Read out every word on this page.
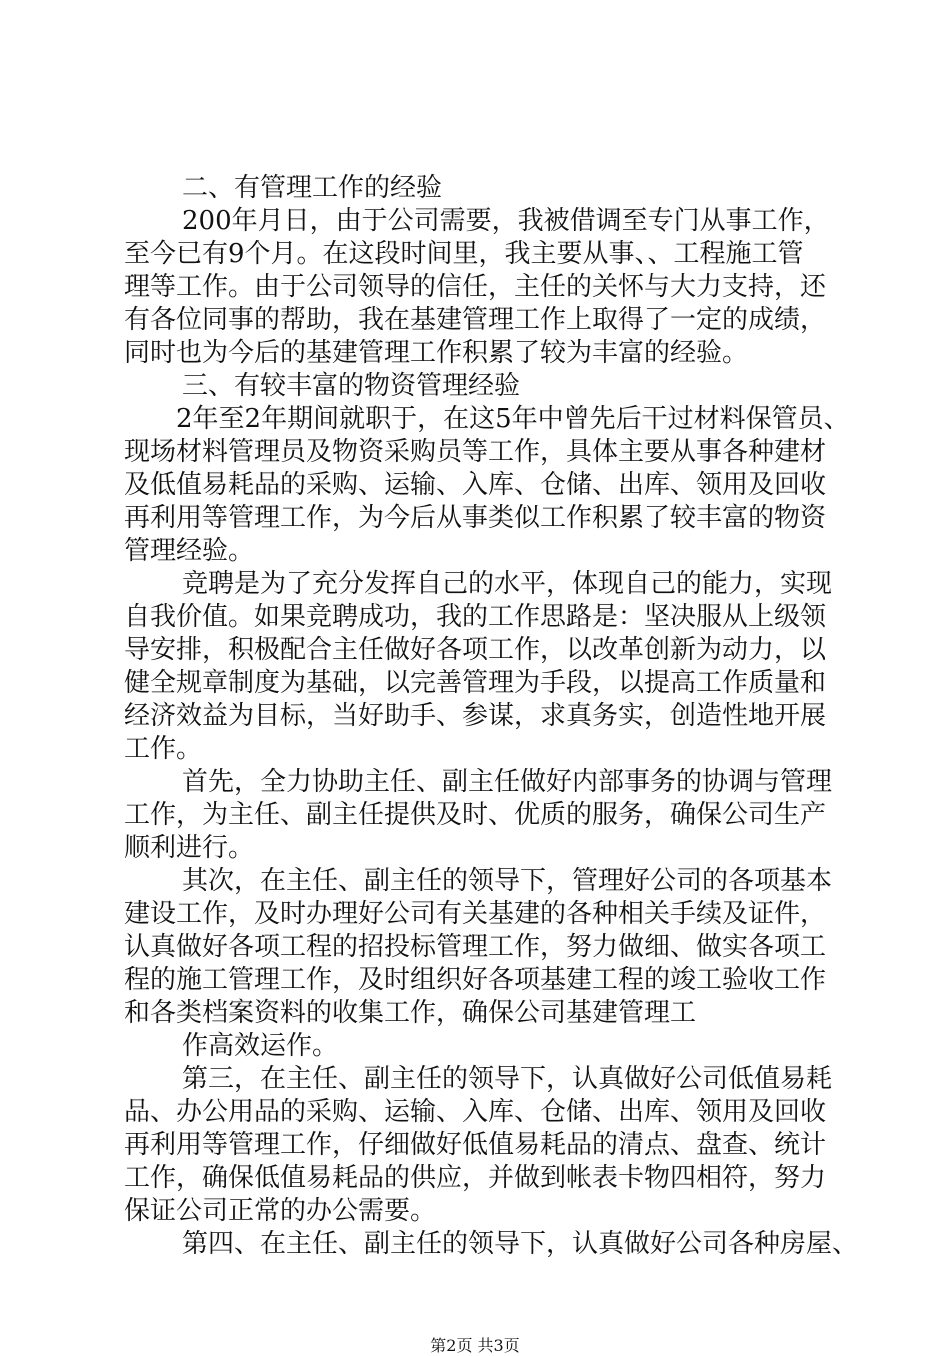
二、有管理工作的经验
200年月日，由于公司需要，我被借调至专门从事工作，
至今已有9个月。在这段时间里，我主要从事、、工程施工管
理等工作。由于公司领导的信任，主任的关怀与大力支持，还
有各位同事的帮助，我在基建管理工作上取得了一定的成绩，
同时也为今后的基建管理工作积累了较为丰富的经验。
三、有较丰富的物资管理经验
2年至2年期间就职于，在这5年中曾先后干过材料保管员、
现场材料管理员及物资采购员等工作，具体主要从事各种建材
及低值易耗品的采购、运输、入库、仓储、出库、领用及回收
再利用等管理工作，为今后从事类似工作积累了较丰富的物资
管理经验。
竞聘是为了充分发挥自己的水平，体现自己的能力，实现
自我价值。如果竞聘成功，我的工作思路是：坚决服从上级领
导安排，积极配合主任做好各项工作，以改革创新为动力，以
健全规章制度为基础，以完善管理为手段，以提高工作质量和
经济效益为目标，当好助手、参谋，求真务实，创造性地开展
工作。
首先，全力协助主任、副主任做好内部事务的协调与管理
工作，为主任、副主任提供及时、优质的服务，确保公司生产
顺利进行。
其次，在主任、副主任的领导下，管理好公司的各项基本
建设工作，及时办理好公司有关基建的各种相关手续及证件，
认真做好各项工程的招投标管理工作，努力做细、做实各项工
程的施工管理工作，及时组织好各项基建工程的竣工验收工作
和各类档案资料的收集工作，确保公司基建管理工
作高效运作。
第三，在主任、副主任的领导下，认真做好公司低值易耗
品、办公用品的采购、运输、入库、仓储、出库、领用及回收
再利用等管理工作，仔细做好低值易耗品的清点、盘查、统计
工作，确保低值易耗品的供应，并做到帐表卡物四相符，努力
保证公司正常的办公需要。
第四、在主任、副主任的领导下，认真做好公司各种房屋、
第2页 共3页
